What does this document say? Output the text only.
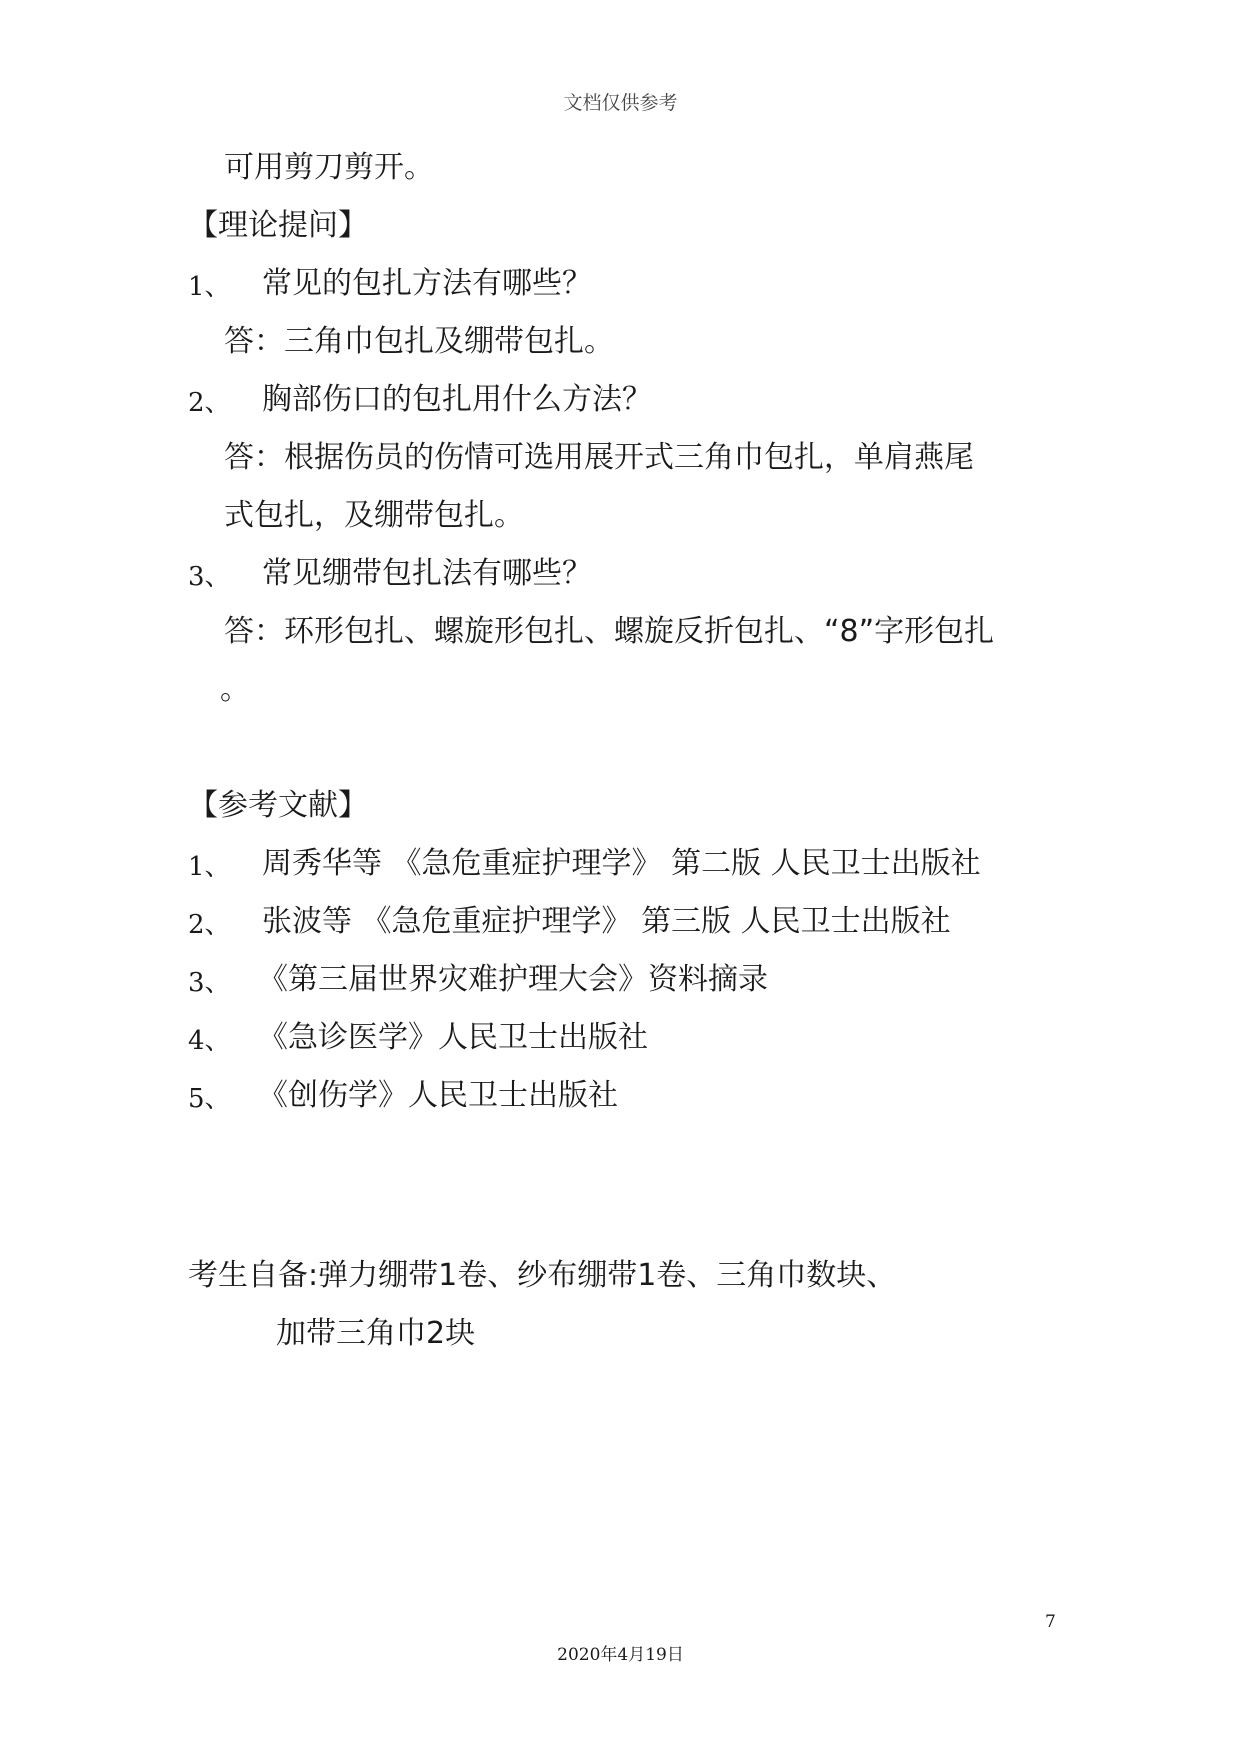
文档仅供参考
可用剪刀剪开。
【理论提问】
1、 常见的包扎方法有哪些？
答：三角巾包扎及绷带包扎。
2、 胸部伤口的包扎用什么方法？
答：根据伤员的伤情可选用展开式三角巾包扎，单肩燕尾
式包扎，及绷带包扎。
3、 常见绷带包扎法有哪些？
答：环形包扎、螺旋形包扎、螺旋反折包扎、“8”字形包扎
。
【参考文献】
1、 周秀华等 《急危重症护理学》 第二版 人民卫士出版社
2、 张波等 《急危重症护理学》 第三版 人民卫士出版社
3、 《第三届世界灾难护理大会》资料摘录
4、 《急诊医学》人民卫士出版社
5、 《创伤学》人民卫士出版社
考生自备:弹力绷带1卷、纱布绷带1卷、三角巾数块、
加带三角巾2块
7
2020年4月19日
